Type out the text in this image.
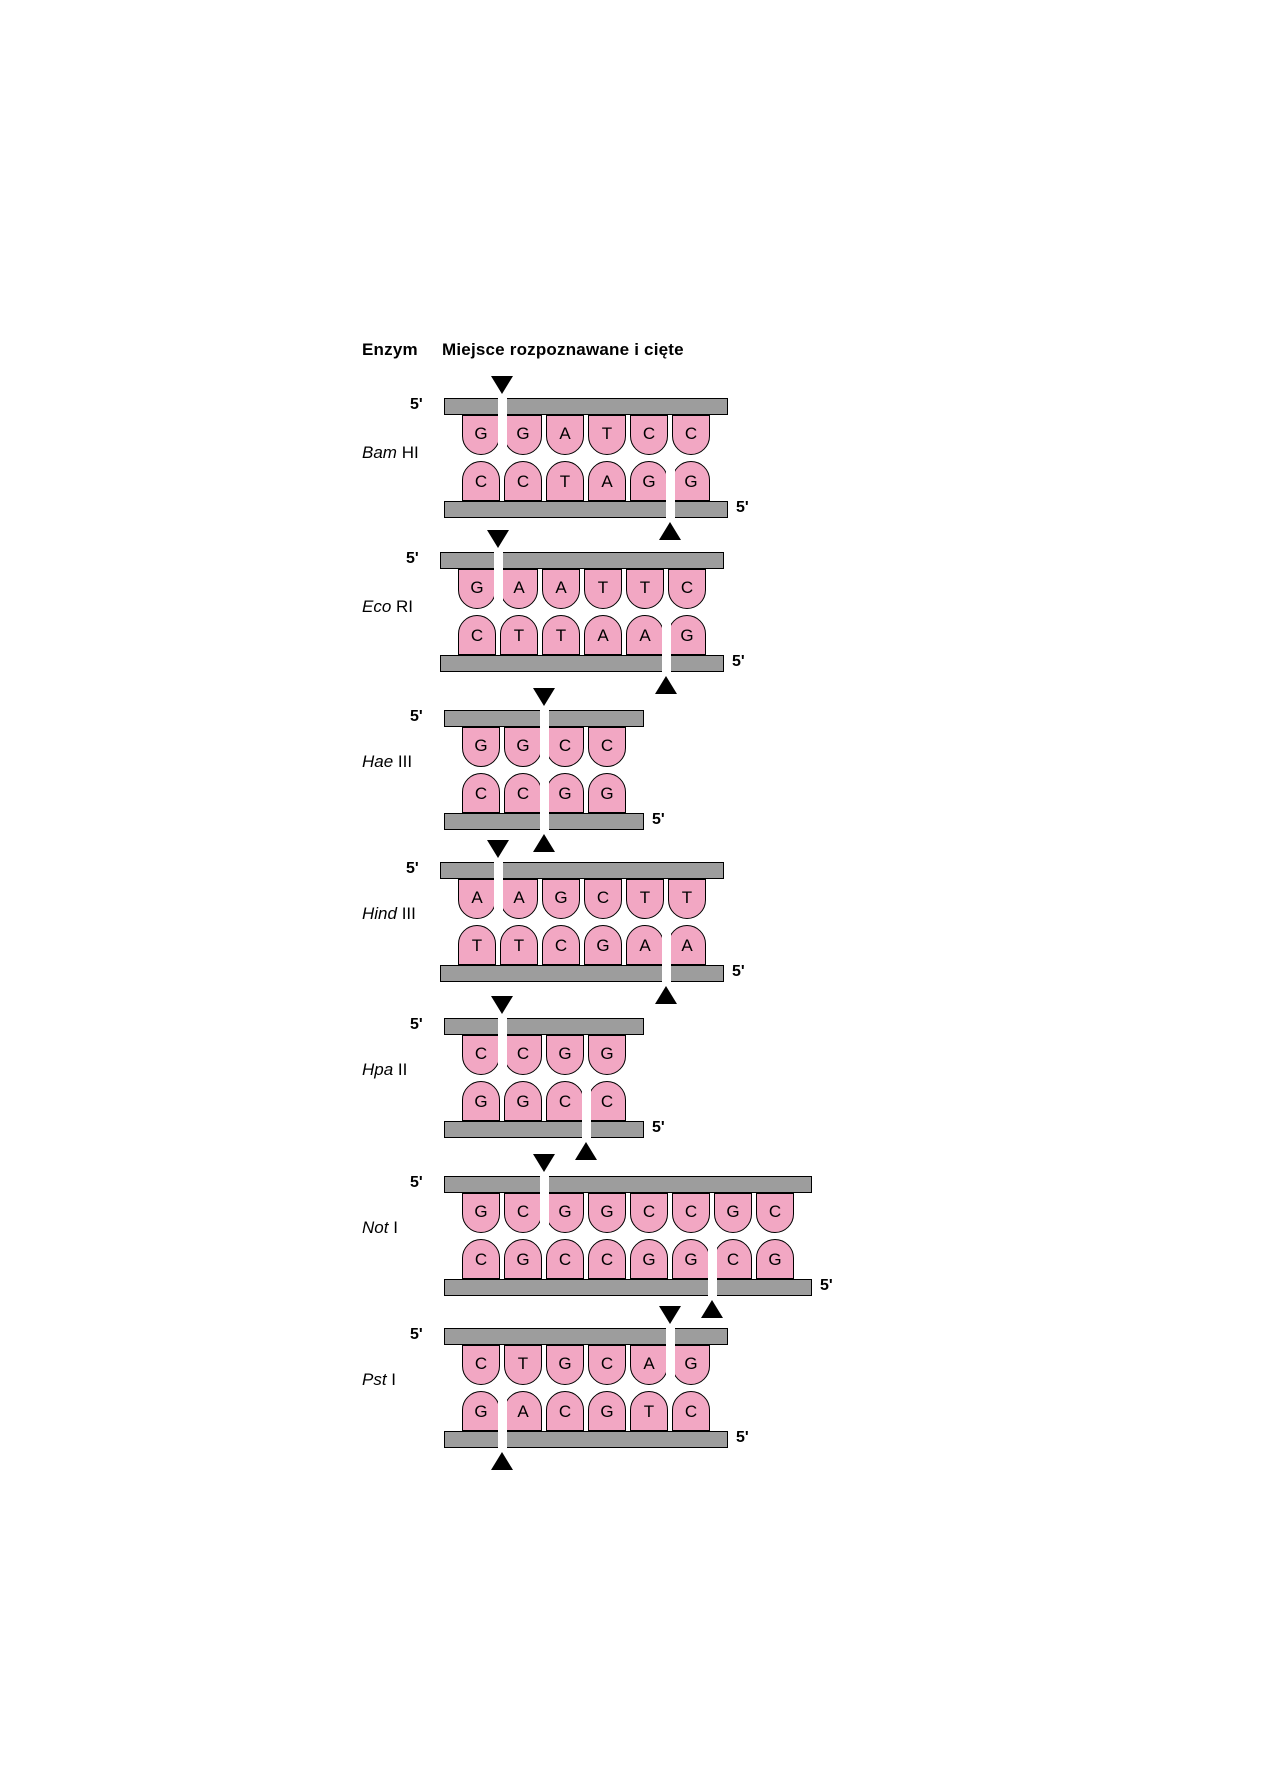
Enzym Miejsce rozpoznawane i cięte
Bam HI
G	G	A	T	C	C
C	C	T	A	G	G
5'
5'
Eco RI
G	A	A	T	T	C
C	T	T	A	A	G
5'
5'
Hae III
G	G	C	C
C	C	G	G
5'
5'
Hind III
A	A	G	C	T	T
T	T	C	G	A	A
5'
5'
Hpa II
C	C	G	G
G	G	C	C
5'
5'
Not I
G	C	G	G	C	C	G	C
C	G	C	C	G	G	C	G
5'
5'
Pst I
C	T	G	C	A	G
G	A	C	G	T	C
5'
5'
